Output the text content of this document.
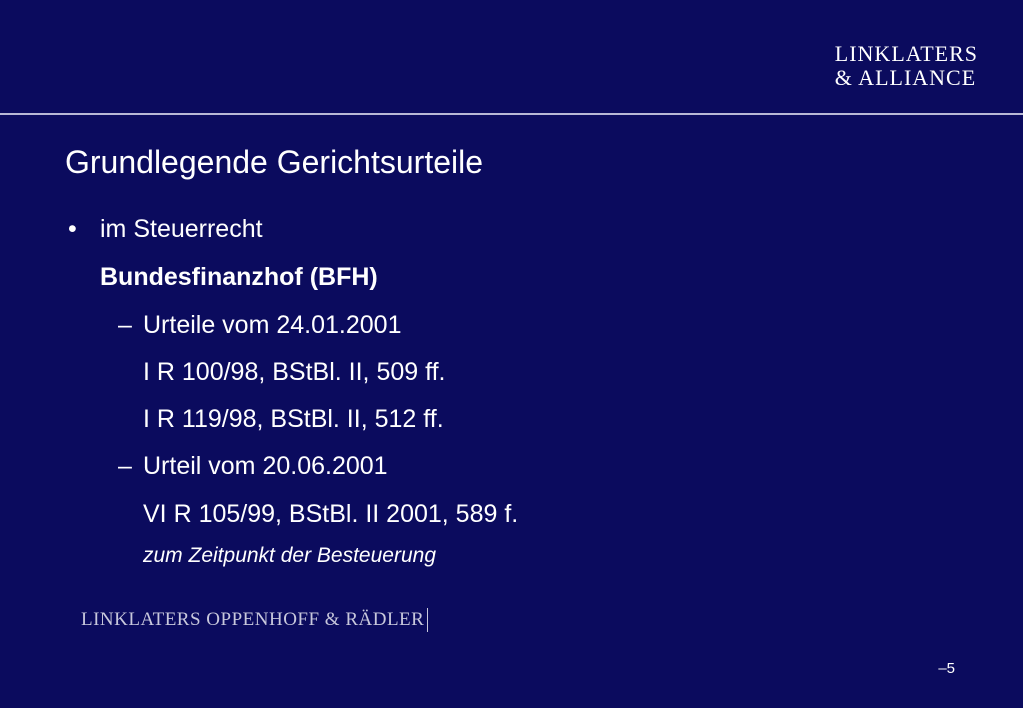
LINKLATERS
& ALLIANCE
Grundlegende Gerichtsurteile
• im Steuerrecht
Bundesfinanzhof (BFH)
– Urteile vom 24.01.2001
I R 100/98, BStBl. II, 509 ff.
I R 119/98, BStBl. II, 512 ff.
– Urteil vom 20.06.2001
VI R 105/99, BStBl. II 2001, 589 f.
zum Zeitpunkt der Besteuerung
LINKLATERS OPPENHOFF & RÄDLER
–5
